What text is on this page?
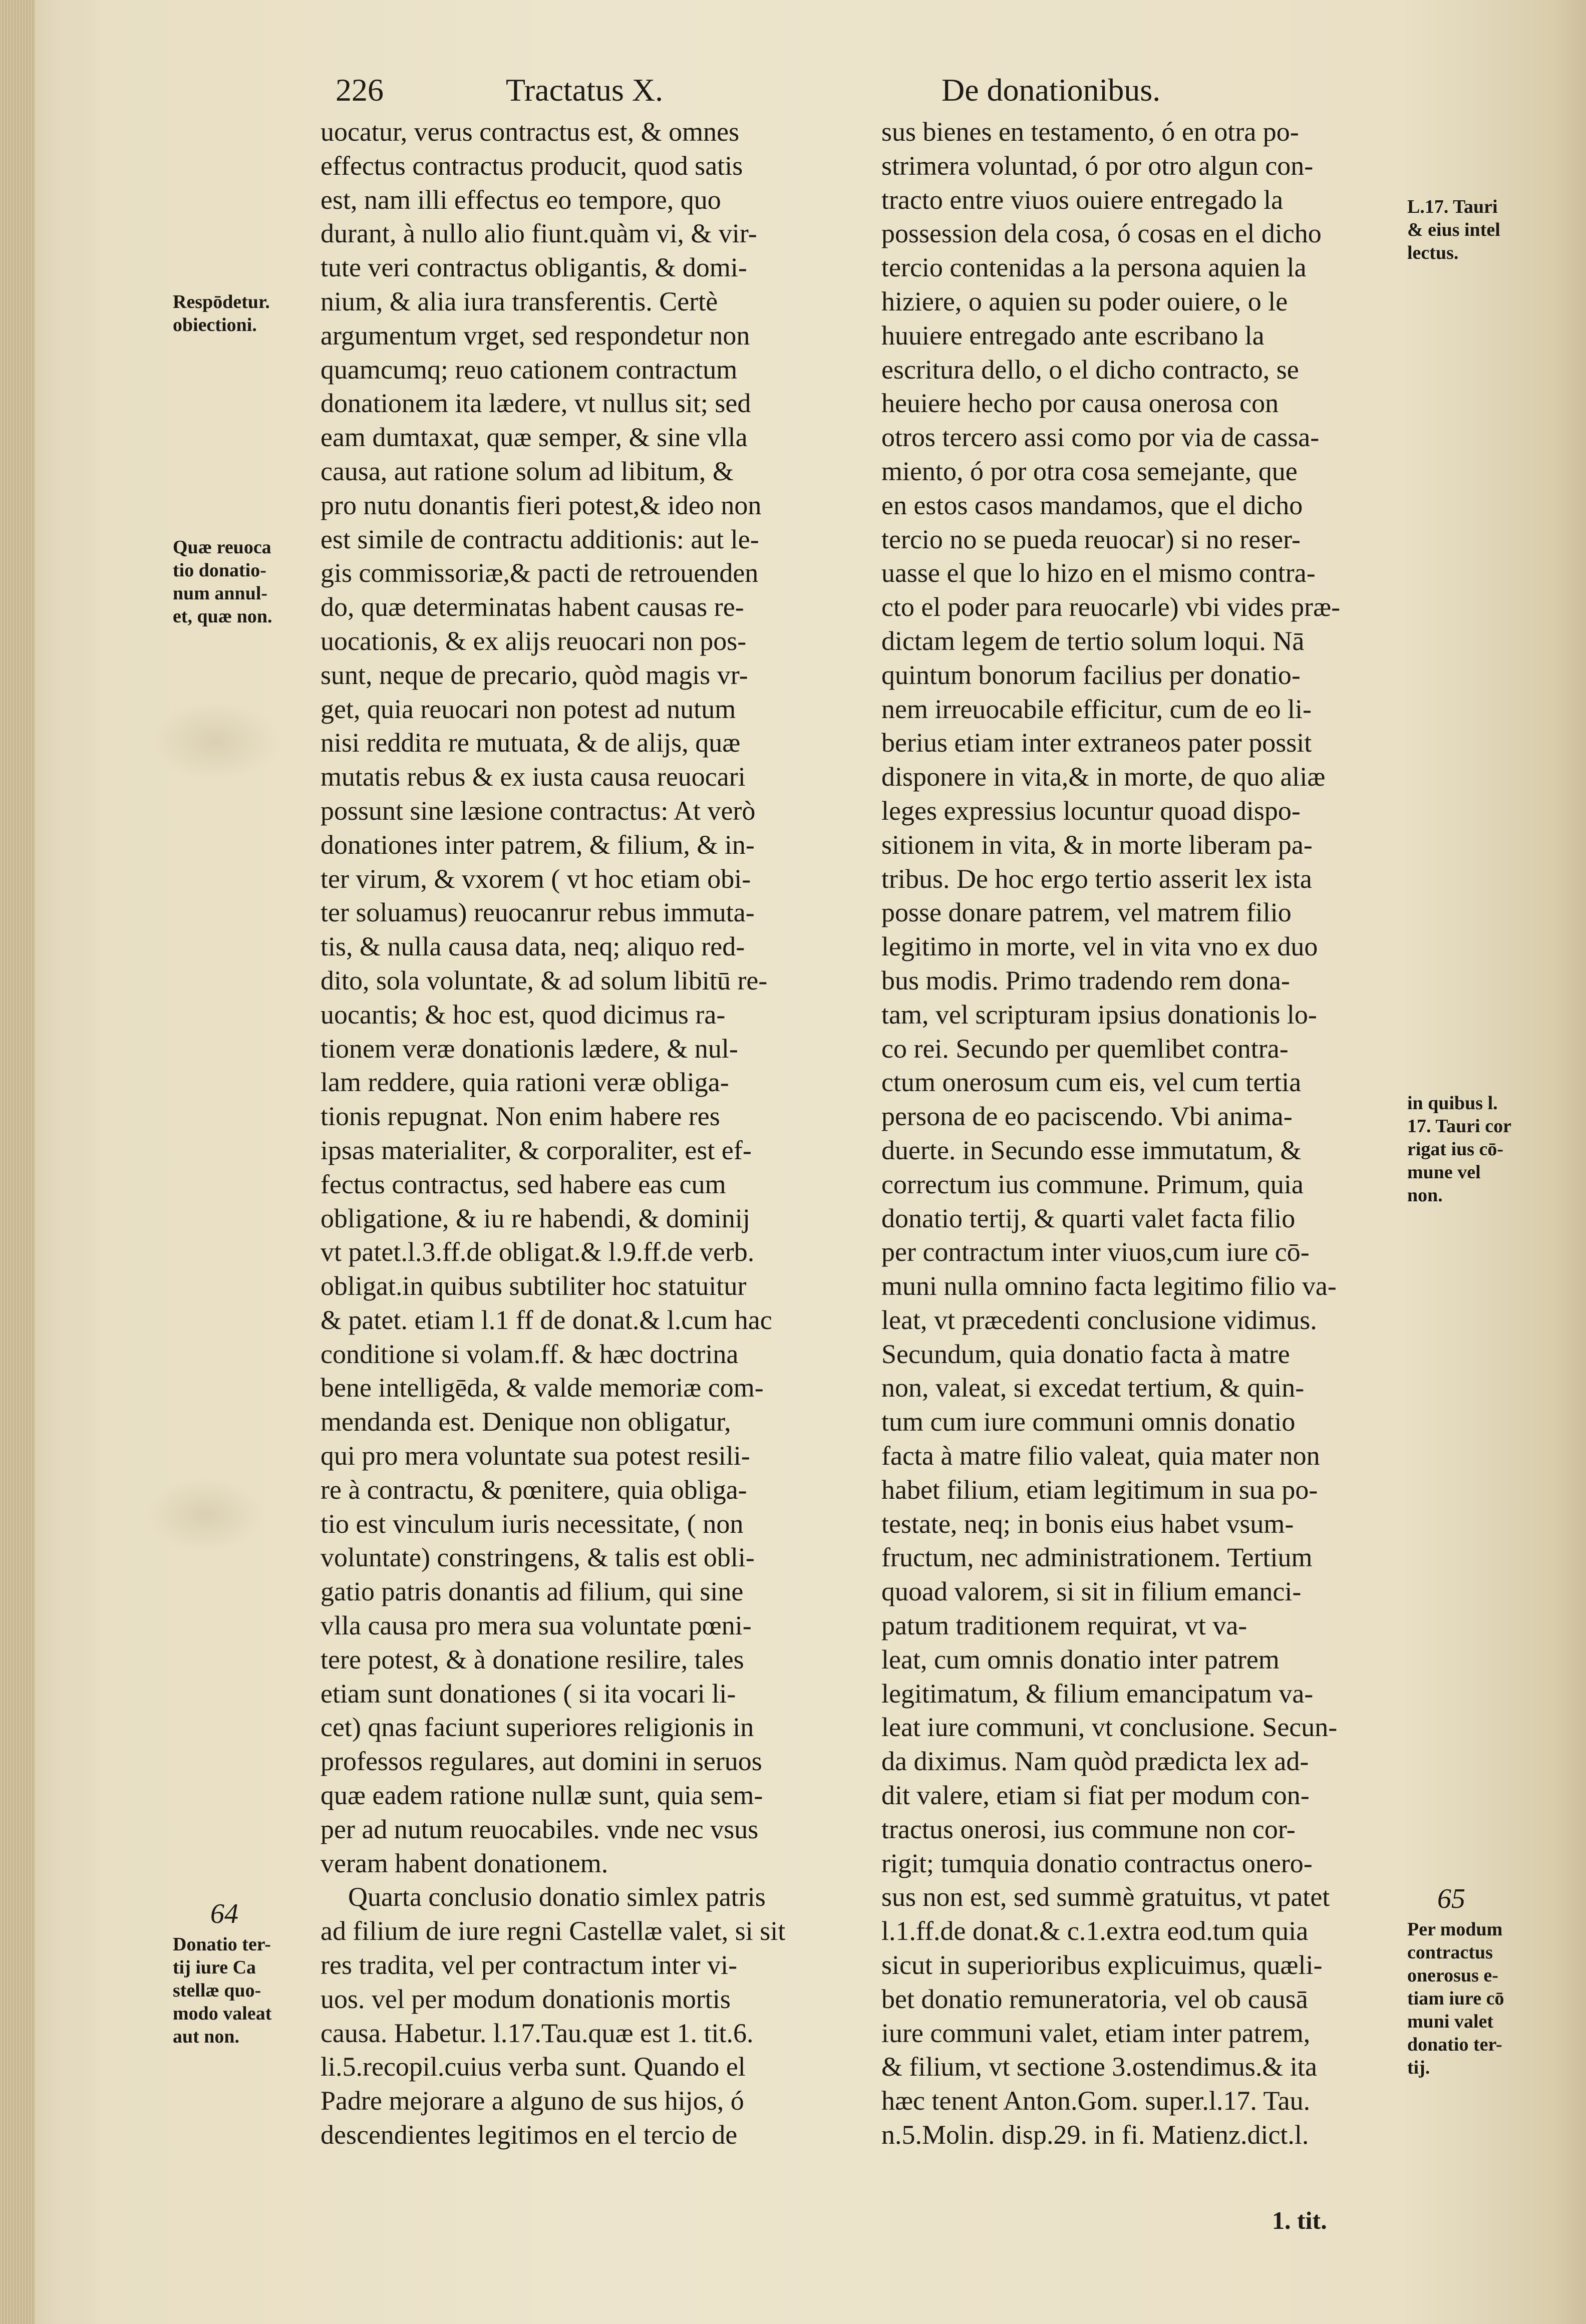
226	Tractatus X.	De donationibus.
uocatur, verus contractus est, & omnes
effectus contractus producit, quod satis
est, nam illi effectus eo tempore, quo
durant, à nullo alio fiunt.quàm vi, & vir-
tute veri contractus obligantis, & domi-
nium, & alia iura transferentis. Certè
argumentum vrget, sed respondetur non
quamcumq; reuo cationem contractum
donationem ita lædere, vt nullus sit; sed
eam dumtaxat, quæ semper, & sine vlla
causa, aut ratione solum ad libitum, &
pro nutu donantis fieri potest,& ideo non
est simile de contractu additionis: aut le-
gis commissoriæ,& pacti de retrouenden
do, quæ determinatas habent causas re-
uocationis, & ex alijs reuocari non pos-
sunt, neque de precario, quòd magis vr-
get, quia reuocari non potest ad nutum
nisi reddita re mutuata, & de alijs, quæ
mutatis rebus & ex iusta causa reuocari
possunt sine læsione contractus: At verò
donationes inter patrem, & filium, & in-
ter virum, & vxorem ( vt hoc etiam obi-
ter soluamus) reuocanrur rebus immuta-
tis, & nulla causa data, neq; aliquo red-
dito, sola voluntate, & ad solum libitū re-
uocantis; & hoc est, quod dicimus ra-
tionem veræ donationis lædere, & nul-
lam reddere, quia rationi veræ obliga-
tionis repugnat. Non enim habere res
ipsas materialiter, & corporaliter, est ef-
fectus contractus, sed habere eas cum
obligatione, & iu re habendi, & dominij
vt patet.l.3.ff.de obligat.& l.9.ff.de verb.
obligat.in quibus subtiliter hoc statuitur
& patet. etiam l.1 ff de donat.& l.cum hac
conditione si volam.ff. & hæc doctrina
bene intelligēda, & valde memoriæ com-
mendanda est. Denique non obligatur,
qui pro mera voluntate sua potest resili-
re à contractu, & pœnitere, quia obliga-
tio est vinculum iuris necessitate, ( non
voluntate) constringens, & talis est obli-
gatio patris donantis ad filium, qui sine
vlla causa pro mera sua voluntate pœni-
tere potest, & à donatione resilire, tales
etiam sunt donationes ( si ita vocari li-
cet) qnas faciunt superiores religionis in
professos regulares, aut domini in seruos
quæ eadem ratione nullæ sunt, quia sem-
per ad nutum reuocabiles. vnde nec vsus
veram habent donationem.
Quarta conclusio donatio simlex patris
ad filium de iure regni Castellæ valet, si sit
res tradita, vel per contractum inter vi-
uos. vel per modum donationis mortis
causa. Habetur. l.17.Tau.quæ est 1. tit.6.
li.5.recopil.cuius verba sunt. Quando el
Padre mejorare a alguno de sus hijos, ó
descendientes legitimos en el tercio de
sus bienes en testamento, ó en otra po-
strimera voluntad, ó por otro algun con-
tracto entre viuos ouiere entregado la
possession dela cosa, ó cosas en el dicho
tercio contenidas a la persona aquien la
hiziere, o aquien su poder ouiere, o le
huuiere entregado ante escribano la
escritura dello, o el dicho contracto, se
heuiere hecho por causa onerosa con
otros tercero assi como por via de cassa-
miento, ó por otra cosa semejante, que
en estos casos mandamos, que el dicho
tercio no se pueda reuocar) si no reser-
uasse el que lo hizo en el mismo contra-
cto el poder para reuocarle) vbi vides præ-
dictam legem de tertio solum loqui. Nā
quintum bonorum facilius per donatio-
nem irreuocabile efficitur, cum de eo li-
berius etiam inter extraneos pater possit
disponere in vita,& in morte, de quo aliæ
leges expressius locuntur quoad dispo-
sitionem in vita, & in morte liberam pa-
tribus. De hoc ergo tertio asserit lex ista
posse donare patrem, vel matrem filio
legitimo in morte, vel in vita vno ex duo
bus modis. Primo tradendo rem dona-
tam, vel scripturam ipsius donationis lo-
co rei. Secundo per quemlibet contra-
ctum onerosum cum eis, vel cum tertia
persona de eo paciscendo. Vbi anima-
duerte. in Secundo esse immutatum, &
correctum ius commune. Primum, quia
donatio tertij, & quarti valet facta filio
per contractum inter viuos,cum iure cō-
muni nulla omnino facta legitimo filio va-
leat, vt præcedenti conclusione vidimus.
Secundum, quia donatio facta à matre
non, valeat, si excedat tertium, & quin-
tum cum iure communi omnis donatio
facta à matre filio valeat, quia mater non
habet filium, etiam legitimum in sua po-
testate, neq; in bonis eius habet vsum-
fructum, nec administrationem. Tertium
quoad valorem, si sit in filium emanci-
patum traditionem requirat, vt va-
leat, cum omnis donatio inter patrem
legitimatum, & filium emancipatum va-
leat iure communi, vt conclusione. Secun-
da diximus. Nam quòd prædicta lex ad-
dit valere, etiam si fiat per modum con-
tractus onerosi, ius commune non cor-
rigit; tumquia donatio contractus onero-
sus non est, sed summè gratuitus, vt patet
l.1.ff.de donat.& c.1.extra eod.tum quia
sicut in superioribus explicuimus, quæli-
bet donatio remuneratoria, vel ob causā
iure communi valet, etiam inter patrem,
& filium, vt sectione 3.ostendimus.& ita
hæc tenent Anton.Gom. super.l.17. Tau.
n.5.Molin. disp.29. in fi. Matienz.dict.l.
Respōdetur.
obiectioni.
Quæ reuoca
tio donatio-
num annul-
et, quæ non.
64
Donatio ter-
tij iure Ca
stellæ quo-
modo valeat
aut non.
L.17. Tauri
& eius intel
lectus.
in quibus l.
17. Tauri cor
rigat ius cō-
mune vel
non.
65
Per modum
contractus
onerosus e-
tiam iure cō
muni valet
donatio ter-
tij.
1. tit.
